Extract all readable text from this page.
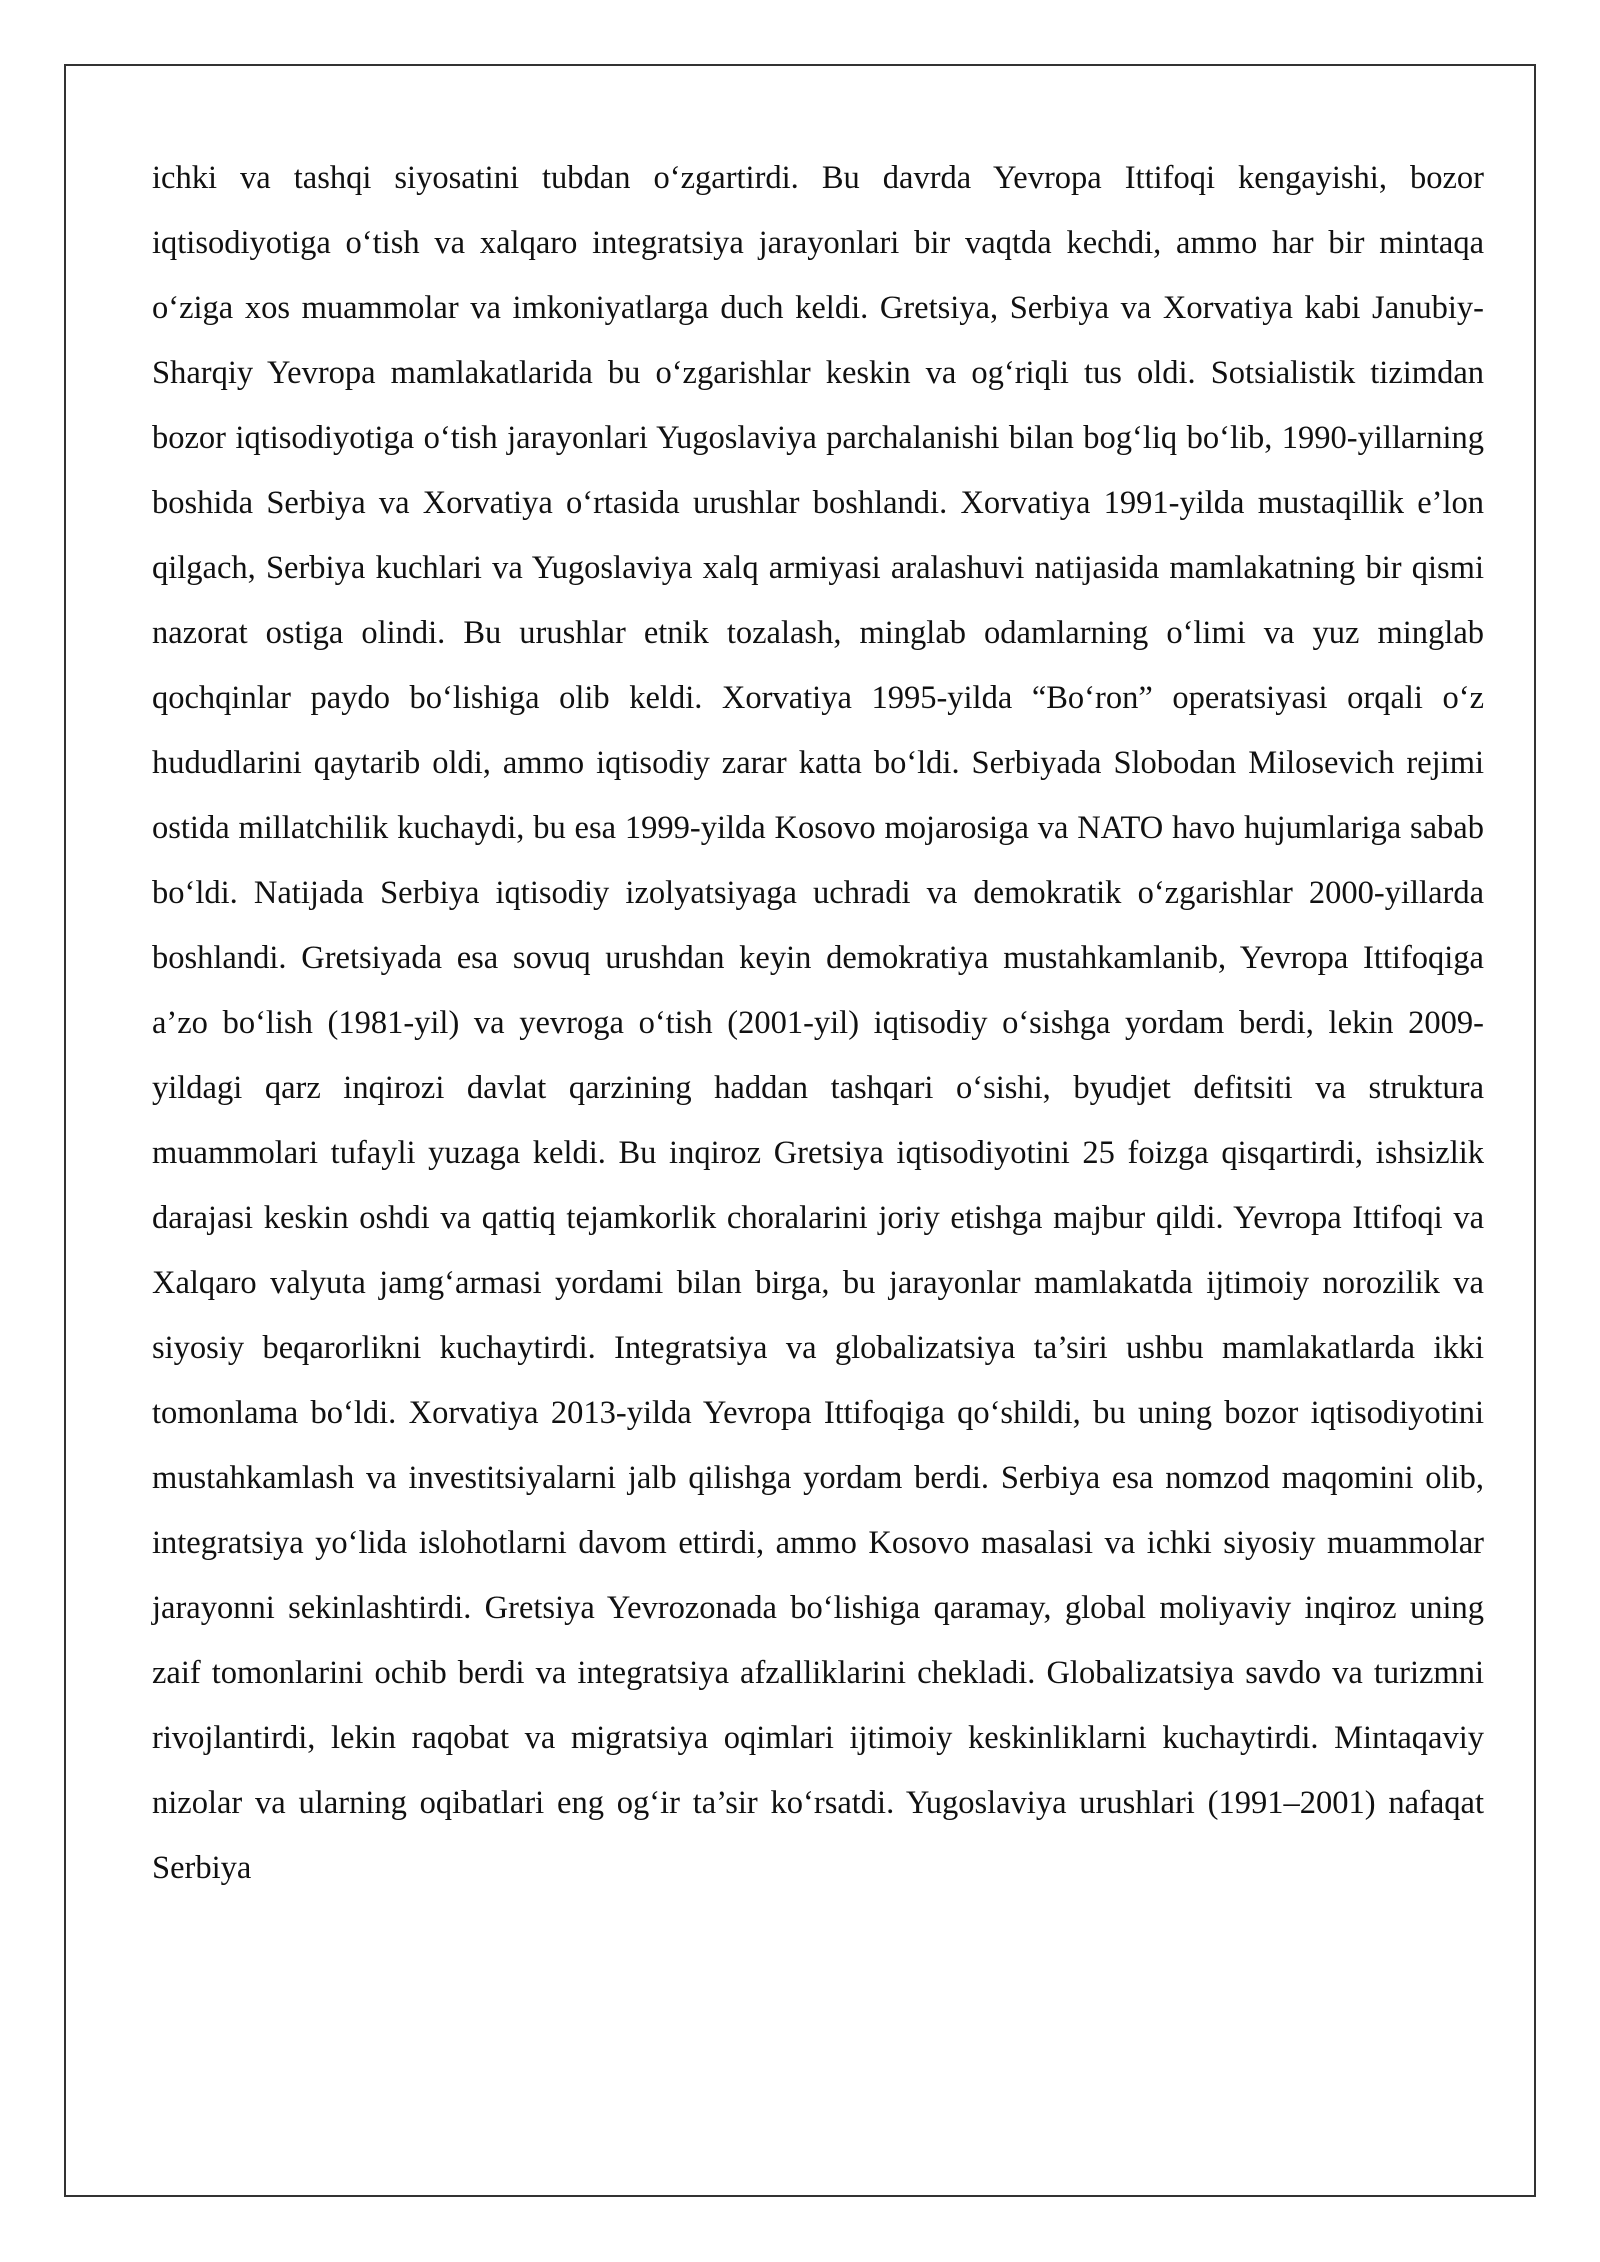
ichki va tashqi siyosatini tubdan o‘zgartirdi. Bu davrda Yevropa Ittifoqi kengayishi, bozor iqtisodiyotiga o‘tish va xalqaro integratsiya jarayonlari bir vaqtda kechdi, ammo har bir mintaqa o‘ziga xos muammolar va imkoniyatlarga duch keldi. Gretsiya, Serbiya va Xorvatiya kabi Janubiy-Sharqiy Yevropa mamlakatlarida bu o‘zgarishlar keskin va og‘riqli tus oldi. Sotsialistik tizimdan bozor iqtisodiyotiga o‘tish jarayonlari Yugoslaviya parchalanishi bilan bog‘liq bo‘lib, 1990-yillarning boshida Serbiya va Xorvatiya o‘rtasida urushlar boshlandi. Xorvatiya 1991-yilda mustaqillik e’lon qilgach, Serbiya kuchlari va Yugoslaviya xalq armiyasi aralashuvi natijasida mamlakatning bir qismi nazorat ostiga olindi. Bu urushlar etnik tozalash, minglab odamlarning o‘limi va yuz minglab qochqinlar paydo bo‘lishiga olib keldi. Xorvatiya 1995-yilda “Bo‘ron” operatsiyasi orqali o‘z hududlarini qaytarib oldi, ammo iqtisodiy zarar katta bo‘ldi. Serbiyada Slobodan Milosevich rejimi ostida millatchilik kuchaydi, bu esa 1999-yilda Kosovo mojarosiga va NATO havo hujumlariga sabab bo‘ldi. Natijada Serbiya iqtisodiy izolyatsiyaga uchradi va demokratik o‘zgarishlar 2000-yillarda boshlandi. Gretsiyada esa sovuq urushdan keyin demokratiya mustahkamlanib, Yevropa Ittifoqiga a’zo bo‘lish (1981-yil) va yevroga o‘tish (2001-yil) iqtisodiy o‘sishga yordam berdi, lekin 2009-yildagi qarz inqirozi davlat qarzining haddan tashqari o‘sishi, byudjet defitsiti va struktura muammolari tufayli yuzaga keldi. Bu inqiroz Gretsiya iqtisodiyotini 25 foizga qisqartirdi, ishsizlik darajasi keskin oshdi va qattiq tejamkorlik choralarini joriy etishga majbur qildi. Yevropa Ittifoqi va Xalqaro valyuta jamg‘armasi yordami bilan birga, bu jarayonlar mamlakatda ijtimoiy norozilik va siyosiy beqarorlikni kuchaytirdi. Integratsiya va globalizatsiya ta’siri ushbu mamlakatlarda ikki tomonlama bo‘ldi. Xorvatiya 2013-yilda Yevropa Ittifoqiga qo‘shildi, bu uning bozor iqtisodiyotini mustahkamlash va investitsiyalarni jalb qilishga yordam berdi. Serbiya esa nomzod maqomini olib, integratsiya yo‘lida islohotlarni davom ettirdi, ammo Kosovo masalasi va ichki siyosiy muammolar jarayonni sekinlashtirdi. Gretsiya Yevrozonada bo‘lishiga qaramay, global moliyaviy inqiroz uning zaif tomonlarini ochib berdi va integratsiya afzalliklarini chekladi. Globalizatsiya savdo va turizmni rivojlantirdi, lekin raqobat va migratsiya oqimlari ijtimoiy keskinliklarni kuchaytirdi. Mintaqaviy nizolar va ularning oqibatlari eng og‘ir ta’sir ko‘rsatdi. Yugoslaviya urushlari (1991–2001) nafaqat Serbiya
